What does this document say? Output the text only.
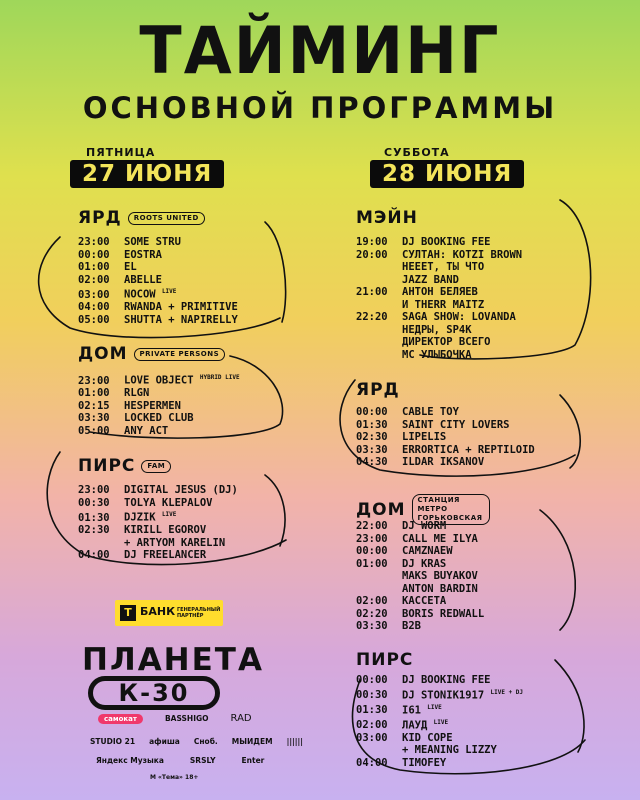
ТАЙМИНГ
ОСНОВНОЙ ПРОГРАММЫ
ПЯТНИЦА
27 ИЮНЯ
СУББОТА
28 ИЮНЯ
ЯРД	ROOTS UNITED
23:00 SOME STRU
00:00 EOSTRA
01:00 EL
02:00 ABELLE
03:00 NOCOW $^{LIVE}$
04:00 RWANDA + PRIMITIVE
05:00 SHUTTA + NAPIRELLY
ДОМ	PRIVATE PERSONS
23:00 LOVE OBJECT $^{HYBRID LIVE}$
01:00 RLGN
02:15 HESPERMEN
03:30 LOCKED CLUB
05:00 ANY ACT
ПИРС	FAM
23:00 DIGITAL JESUS (DJ)
00:30 TOLYA KLEPALOV
01:30 DJZIK $^{LIVE}$
02:30 KIRILL EGOROV
+ ARTYOM KARELIN
04:00 DJ FREELANCER
МЭЙН
19:00 DJ BOOKING FEE
20:00 СУЛТАН: KOTZI BROWN
НЕЕЕТ, ТЫ ЧТО
JAZZ BAND
21:00 АНТОН БЕЛЯЕВ
И THERR MAITZ
22:20 SAGA SHOW: LOVANDA
НЕДРЫ, SP4K
ДИРЕКТОР ВСЕГО
MC УЛЫБОЧКА
ЯРД
00:00 CABLE TOY
01:30 SAINT CITY LOVERS
02:30 LIPELIS
03:30 ERRORTICA + REPTILOID
04:30 ILDAR IKSANOV
ДОМ	СТАНЦИЯ МЕТРО ГОРЬКОВСКАЯ
22:00 DJ WORM
23:00 CALL ME ILYA
00:00 CAMZNAEW
01:00 DJ KRAS
MAKS BUYAKOV
ANTON BARDIN
02:00 KACCETA
02:20 BORIS REDWALL
03:30 B2B
ПИРС
00:00 DJ BOOKING FEE
00:30 DJ STONIK1917 $^{LIVE + DJ}$
01:30 I61 $^{LIVE}$
02:00 ЛАУД $^{LIVE}$
03:00 KID COPE
+ MEANING LIZZY
04:00 TIMOFEY
Т БАНК ГЕНЕРАЛЬНЫЙ
ПАРТНЁР
ПЛАНЕТА
К-30
самокат	BASSHIGO RAD
STUDIO 21 афиша Сноб. МЫИДЕМ ||||||
Яндекс Музыка	SRSLY	Enter
М «Тема» 18+
